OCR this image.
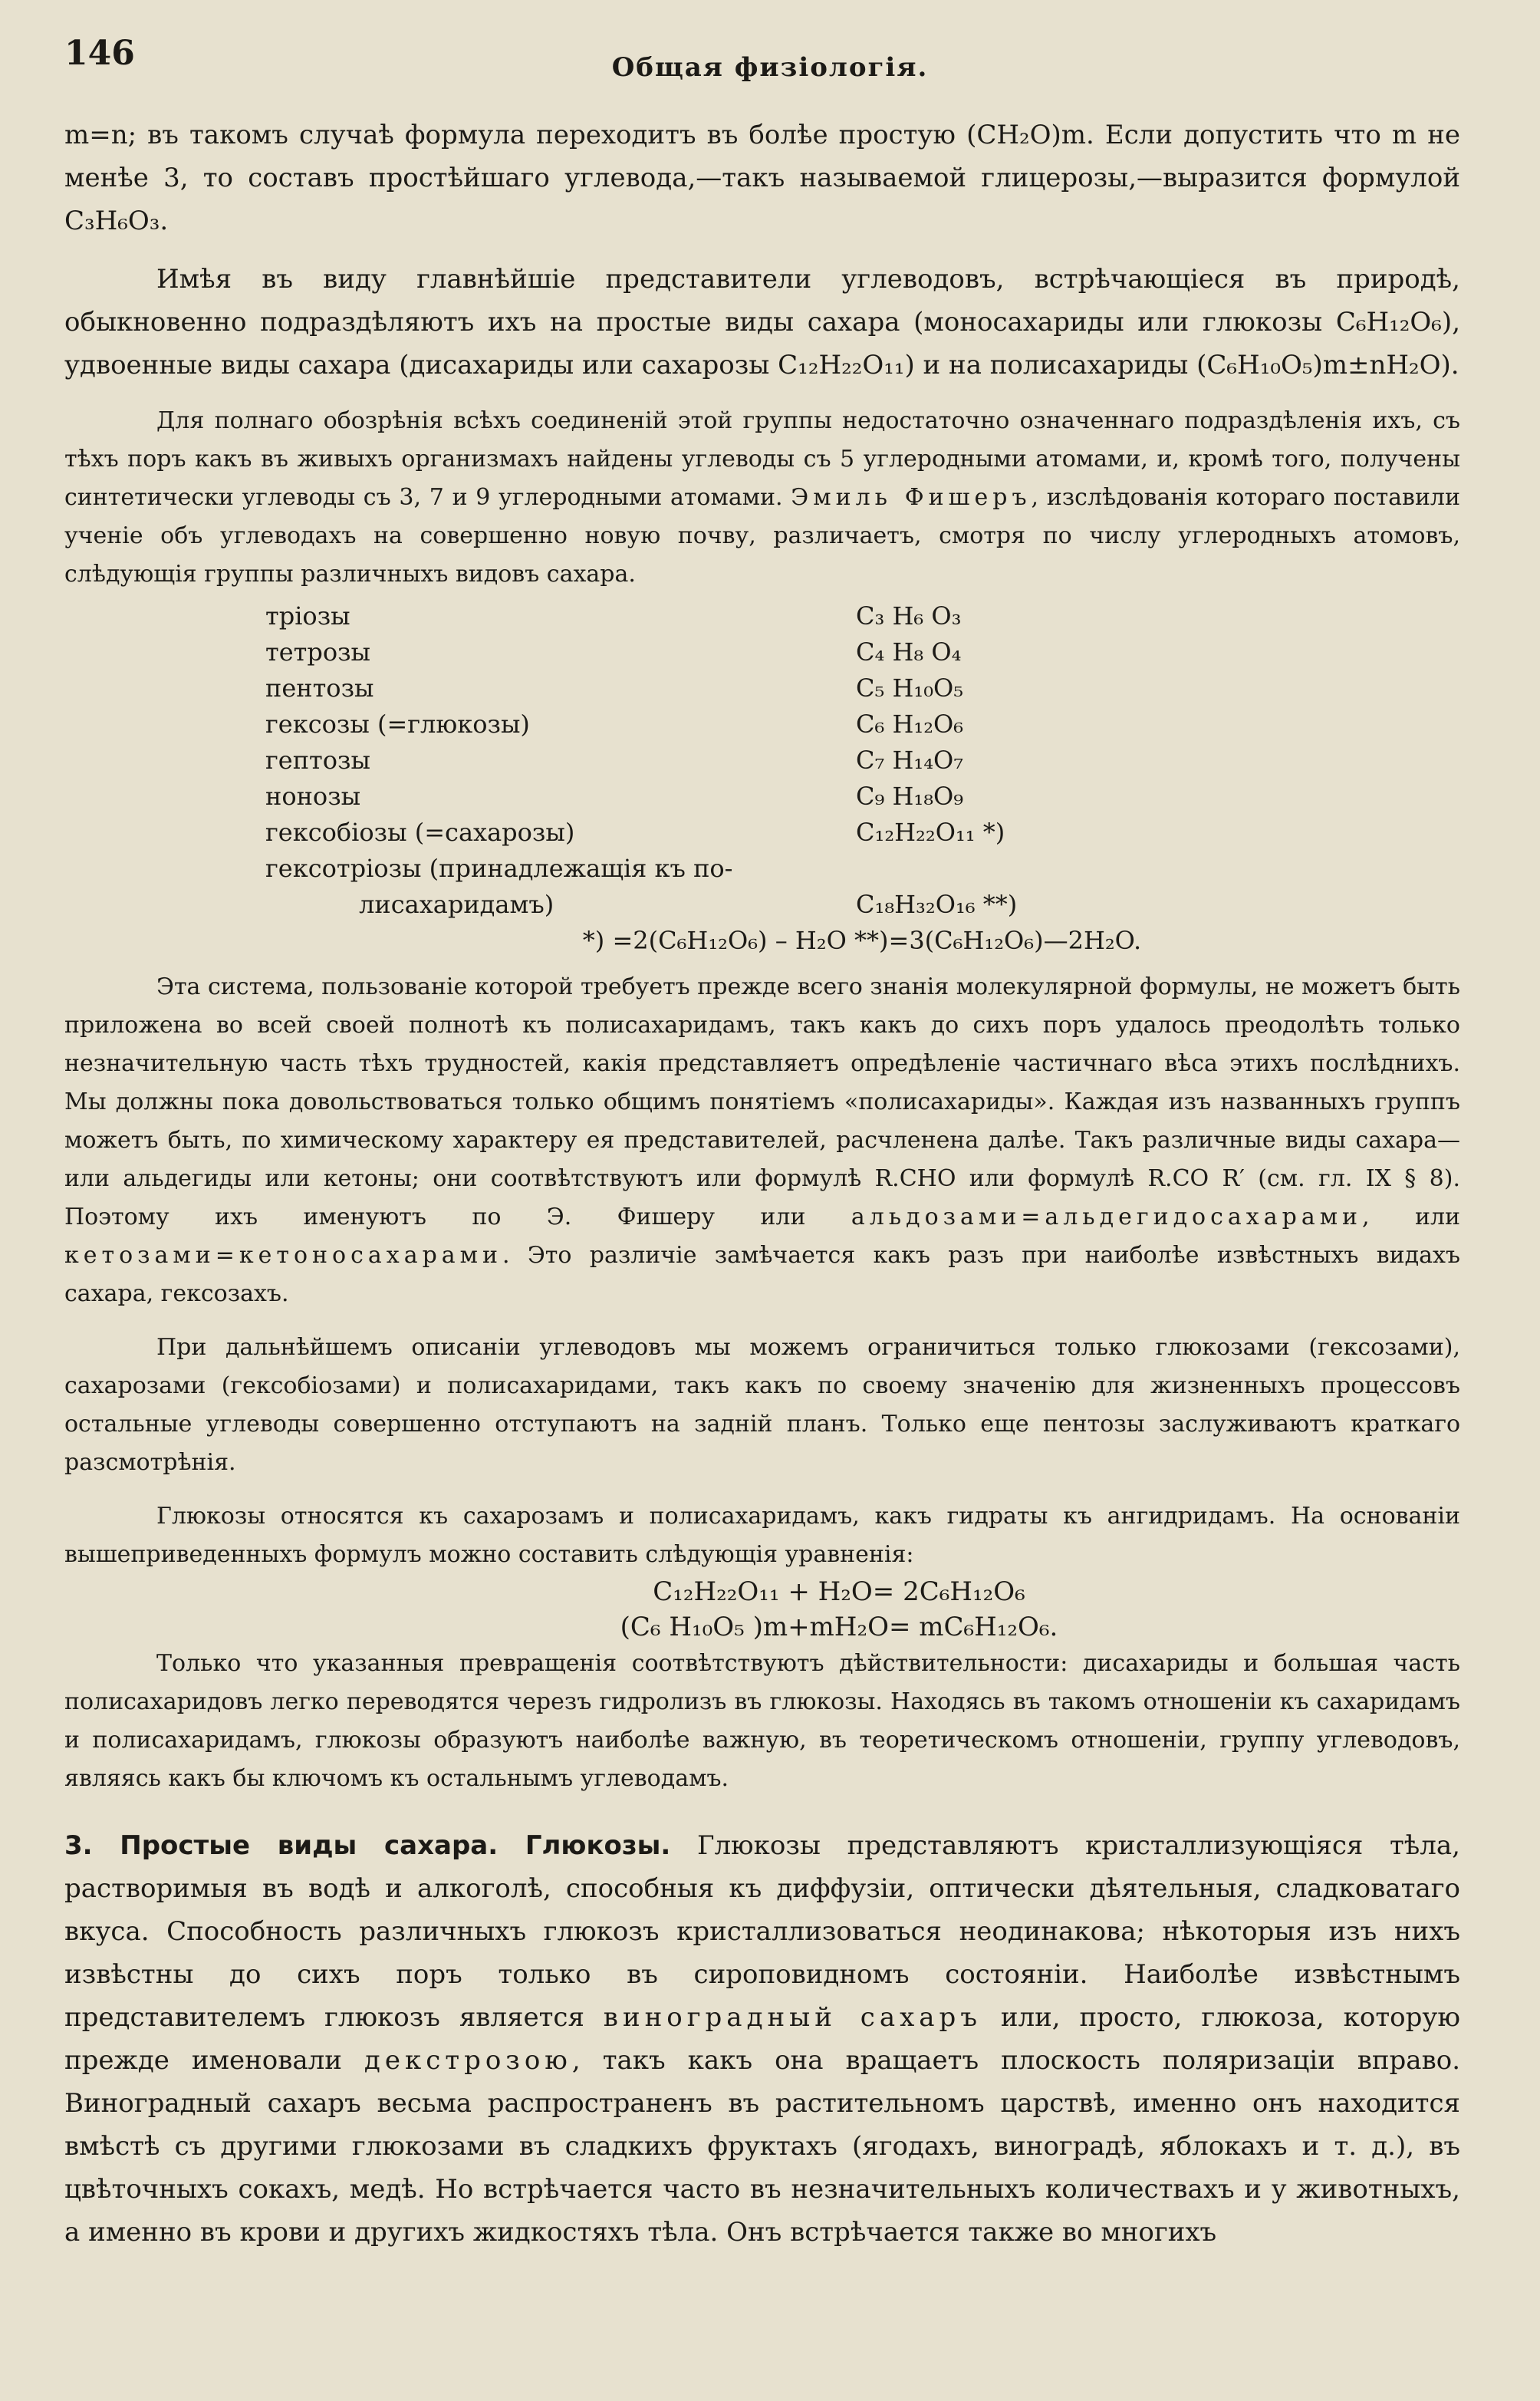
146	Общая физіологія.

m=n; въ такомъ случаѣ формула переходитъ въ болѣе простую (CH₂O)m. Если допустить что m не менѣе 3, то составъ простѣйшаго углевода,—такъ называемой глицерозы,—выразится формулой C₃H₆O₃.

Имѣя въ виду главнѣйшіе представители углеводовъ, встрѣчающіеся въ природѣ, обыкновенно подраздѣляютъ ихъ на простые виды сахара (моносахариды или глюкозы C₆H₁₂O₆), удвоенные виды сахара (дисахариды или сахарозы C₁₂H₂₂O₁₁) и на полисахариды (C₆H₁₀O₅)m±nH₂O).

Для полнаго обозрѣнія всѣхъ соединеній этой группы недостаточно означеннаго подраздѣленія ихъ, съ тѣхъ поръ какъ въ живыхъ организмахъ найдены углеводы съ 5 углеродными атомами, и, кромѣ того, получены синтетически углеводы съ 3, 7 и 9 углеродными атомами. Эмиль Фишеръ, изслѣдованія котораго поставили ученіе объ углеводахъ на совершенно новую почву, различаетъ, смотря по числу углеродныхъ атомовъ, слѣдующія группы различныхъ видовъ сахара.

тріозы	C₃ H₆ O₃
тетрозы	C₄ H₈ O₄
пентозы	C₅ H₁₀O₅
гексозы (=глюкозы)	C₆ H₁₂O₆
гептозы	C₇ H₁₄O₇
нонозы	C₉ H₁₈O₉
гексобіозы (=сахарозы)	C₁₂H₂₂O₁₁ *)
гексотріозы (принадлежащія къ по-
лисахаридамъ)	C₁₈H₃₂O₁₆ **)
*) =2(C₆H₁₂O₆) – H₂O **)=3(C₆H₁₂O₆)—2H₂O.

Эта система, пользованіе которой требуетъ прежде всего знанія молекулярной формулы, не можетъ быть приложена во всей своей полнотѣ къ полисахаридамъ, такъ какъ до сихъ поръ удалось преодолѣть только незначительную часть тѣхъ трудностей, какія представляетъ опредѣленіе частичнаго вѣса этихъ послѣднихъ. Мы должны пока довольствоваться только общимъ понятіемъ «полисахариды». Каждая изъ названныхъ группъ можетъ быть, по химическому характеру ея представителей, расчленена далѣе. Такъ различные виды сахара—или альдегиды или кетоны; они соотвѣтствуютъ или формулѣ R.CHO или формулѣ R.CO R′ (см. гл. IX § 8). Поэтому ихъ именуютъ по Э. Фишеру или альдозами=альдегидосахарами, или кетозами=кетоносахарами. Это различіе замѣчается какъ разъ при наиболѣе извѣстныхъ видахъ сахара, гексозахъ.

При дальнѣйшемъ описаніи углеводовъ мы можемъ ограничиться только глюкозами (гексозами), сахарозами (гексобіозами) и полисахаридами, такъ какъ по своему значенію для жизненныхъ процессовъ остальные углеводы совершенно отступаютъ на задній планъ. Только еще пентозы заслуживаютъ краткаго разсмотрѣнія.

Глюкозы относятся къ сахарозамъ и полисахаридамъ, какъ гидраты къ ангидридамъ. На основаніи вышеприведенныхъ формулъ можно составить слѣдующія уравненія:

C₁₂H₂₂O₁₁ + H₂O= 2C₆H₁₂O₆
(C₆ H₁₀O₅ )m+mH₂O= mC₆H₁₂O₆.

Только что указанныя превращенія соотвѣтствуютъ дѣйствительности: дисахариды и большая часть полисахаридовъ легко переводятся черезъ гидролизъ въ глюкозы. Находясь въ такомъ отношеніи къ сахаридамъ и полисахаридамъ, глюкозы образуютъ наиболѣе важную, въ теоретическомъ отношеніи, группу углеводовъ, являясь какъ бы ключомъ къ остальнымъ углеводамъ.

3. Простые виды сахара. Глюкозы. Глюкозы представляютъ кристаллизующіяся тѣла, растворимыя въ водѣ и алкоголѣ, способныя къ диффузіи, оптически дѣятельныя, сладковатаго вкуса. Способность различныхъ глюкозъ кристаллизоваться неодинакова; нѣкоторыя изъ нихъ извѣстны до сихъ поръ только въ сироповидномъ состояніи. Наиболѣе извѣстнымъ представителемъ глюкозъ является виноградный сахаръ или, просто, глюкоза, которую прежде именовали декстрозою, такъ какъ она вращаетъ плоскость поляризаціи вправо. Виноградный сахаръ весьма распространенъ въ растительномъ царствѣ, именно онъ находится вмѣстѣ съ другими глюкозами въ сладкихъ фруктахъ (ягодахъ, виноградѣ, яблокахъ и т. д.), въ цвѣточныхъ сокахъ, медѣ. Но встрѣчается часто въ незначительныхъ количествахъ и у животныхъ, а именно въ крови и другихъ жидкостяхъ тѣла. Онъ встрѣчается также во многихъ
